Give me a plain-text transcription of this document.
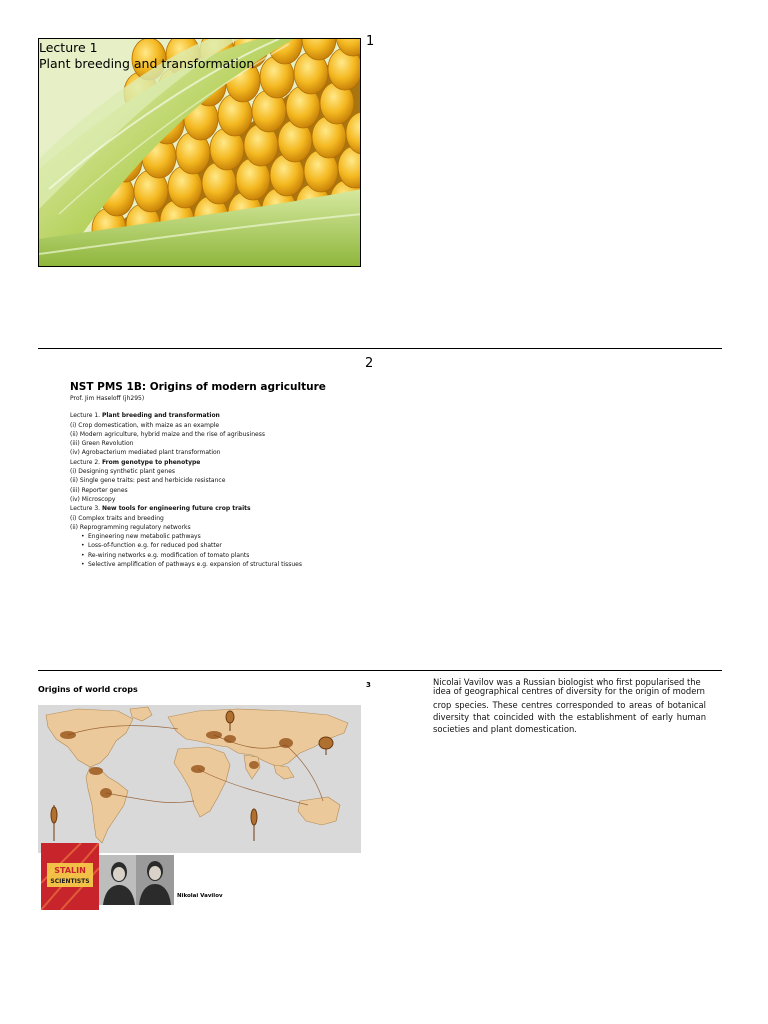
Lecture 1
Plant breeding and transformation
1
2
NST PMS 1B: Origins of modern agriculture
Prof. Jim Haseloff (jh295)
Lecture 1. Plant breeding and transformation
(i) Crop domestication, with maize as an example
(ii) Modern agriculture, hybrid maize and the rise of agribusiness
(iii) Green Revolution
(iv) Agrobacterium mediated plant transformation
Lecture 2. From genotype to phenotype
(i) Designing synthetic plant genes
(ii) Single gene traits: pest and herbicide resistance
(iii) Reporter genes
(iv) Microscopy
Lecture 3. New tools for engineering future crop traits
(i) Complex traits and breeding
(ii) Reprogramming regulatory networks
• Engineering new metabolic pathways
• Loss-of-function e.g. for reduced pod shatter
• Re-wiring networks e.g. modification of tomato plants
• Selective amplification of pathways e.g. expansion of structural tissues
Origins of world crops	3
STALIN
SCIENTISTS
Nikolai Vavilov
Nicolai Vavilov was a Russian biologist who first popularised the idea of geographical centres of diversity for the origin of modern
crop species. These centres corresponded to areas of botanical diversity that coincided with the establishment of early human societies and plant domestication.
